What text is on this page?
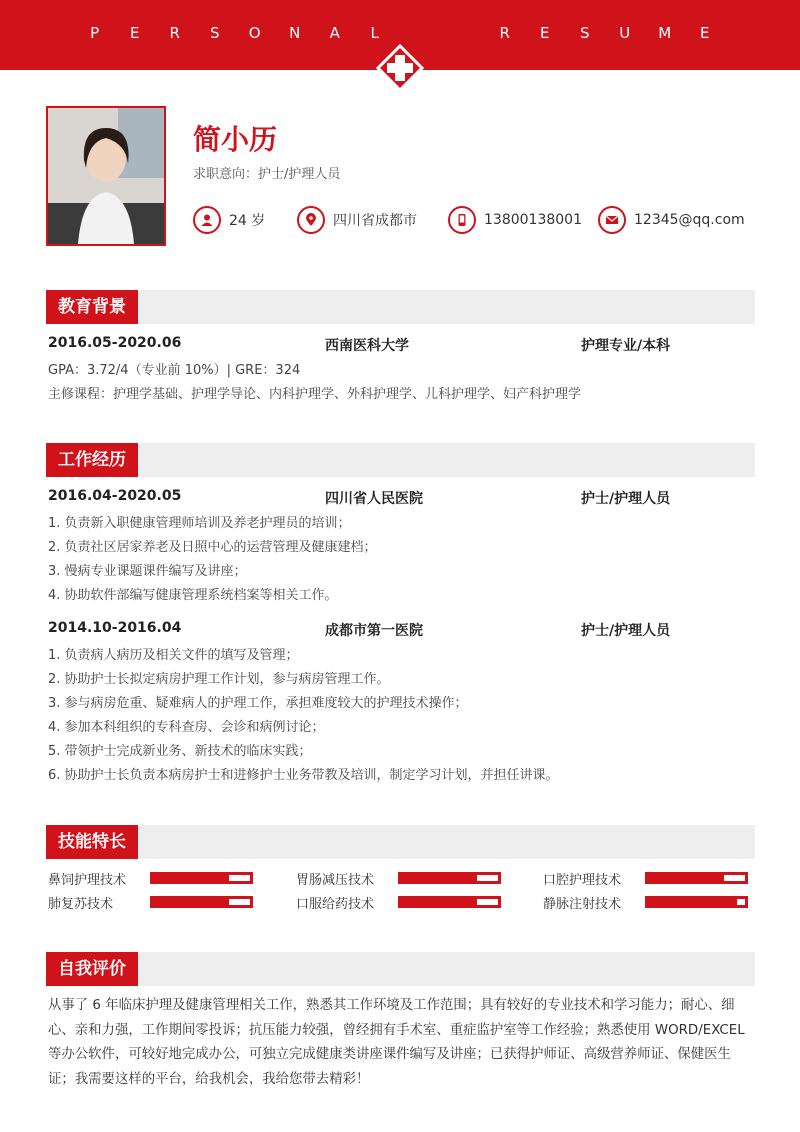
P E R S O N A L	R E S U M E
简小历
求职意向：护士/护理人员
24 岁	四川省成都市	13800138001	12345@qq.com
教育背景
2016.05-2020.06	西南医科大学	护理专业/本科
GPA：3.72/4（专业前 10%）| GRE：324
主修课程：护理学基础、护理学导论、内科护理学、外科护理学、儿科护理学、妇产科护理学
工作经历
2016.04-2020.05	四川省人民医院	护士/护理人员
1. 负责新入职健康管理师培训及养老护理员的培训；
2. 负责社区居家养老及日照中心的运营管理及健康建档；
3. 慢病专业课题课件编写及讲座；
4. 协助软件部编写健康管理系统档案等相关工作。
2014.10-2016.04	成都市第一医院	护士/护理人员
1. 负责病人病历及相关文件的填写及管理；
2. 协助护士长拟定病房护理工作计划，参与病房管理工作。
3. 参与病房危重、疑难病人的护理工作，承担难度较大的护理技术操作；
4. 参加本科组织的专科查房、会诊和病例讨论；
5. 带领护士完成新业务、新技术的临床实践；
6. 协助护士长负责本病房护士和进修护士业务带教及培训，制定学习计划，并担任讲课。
技能特长
鼻饲护理技术	胃肠减压技术	口腔护理技术
肺复苏技术	口服给药技术	静脉注射技术
自我评价
从事了 6 年临床护理及健康管理相关工作，熟悉其工作环境及工作范围；具有较好的专业技术和学习能力；耐心、细心、亲和力强，工作期间零投诉；抗压能力较强，曾经拥有手术室、重症监护室等工作经验；熟悉使用 WORD/EXCEL 等办公软件，可较好地完成办公，可独立完成健康类讲座课件编写及讲座；已获得护师证、高级营养师证、保健医生证；我需要这样的平台，给我机会，我给您带去精彩！
